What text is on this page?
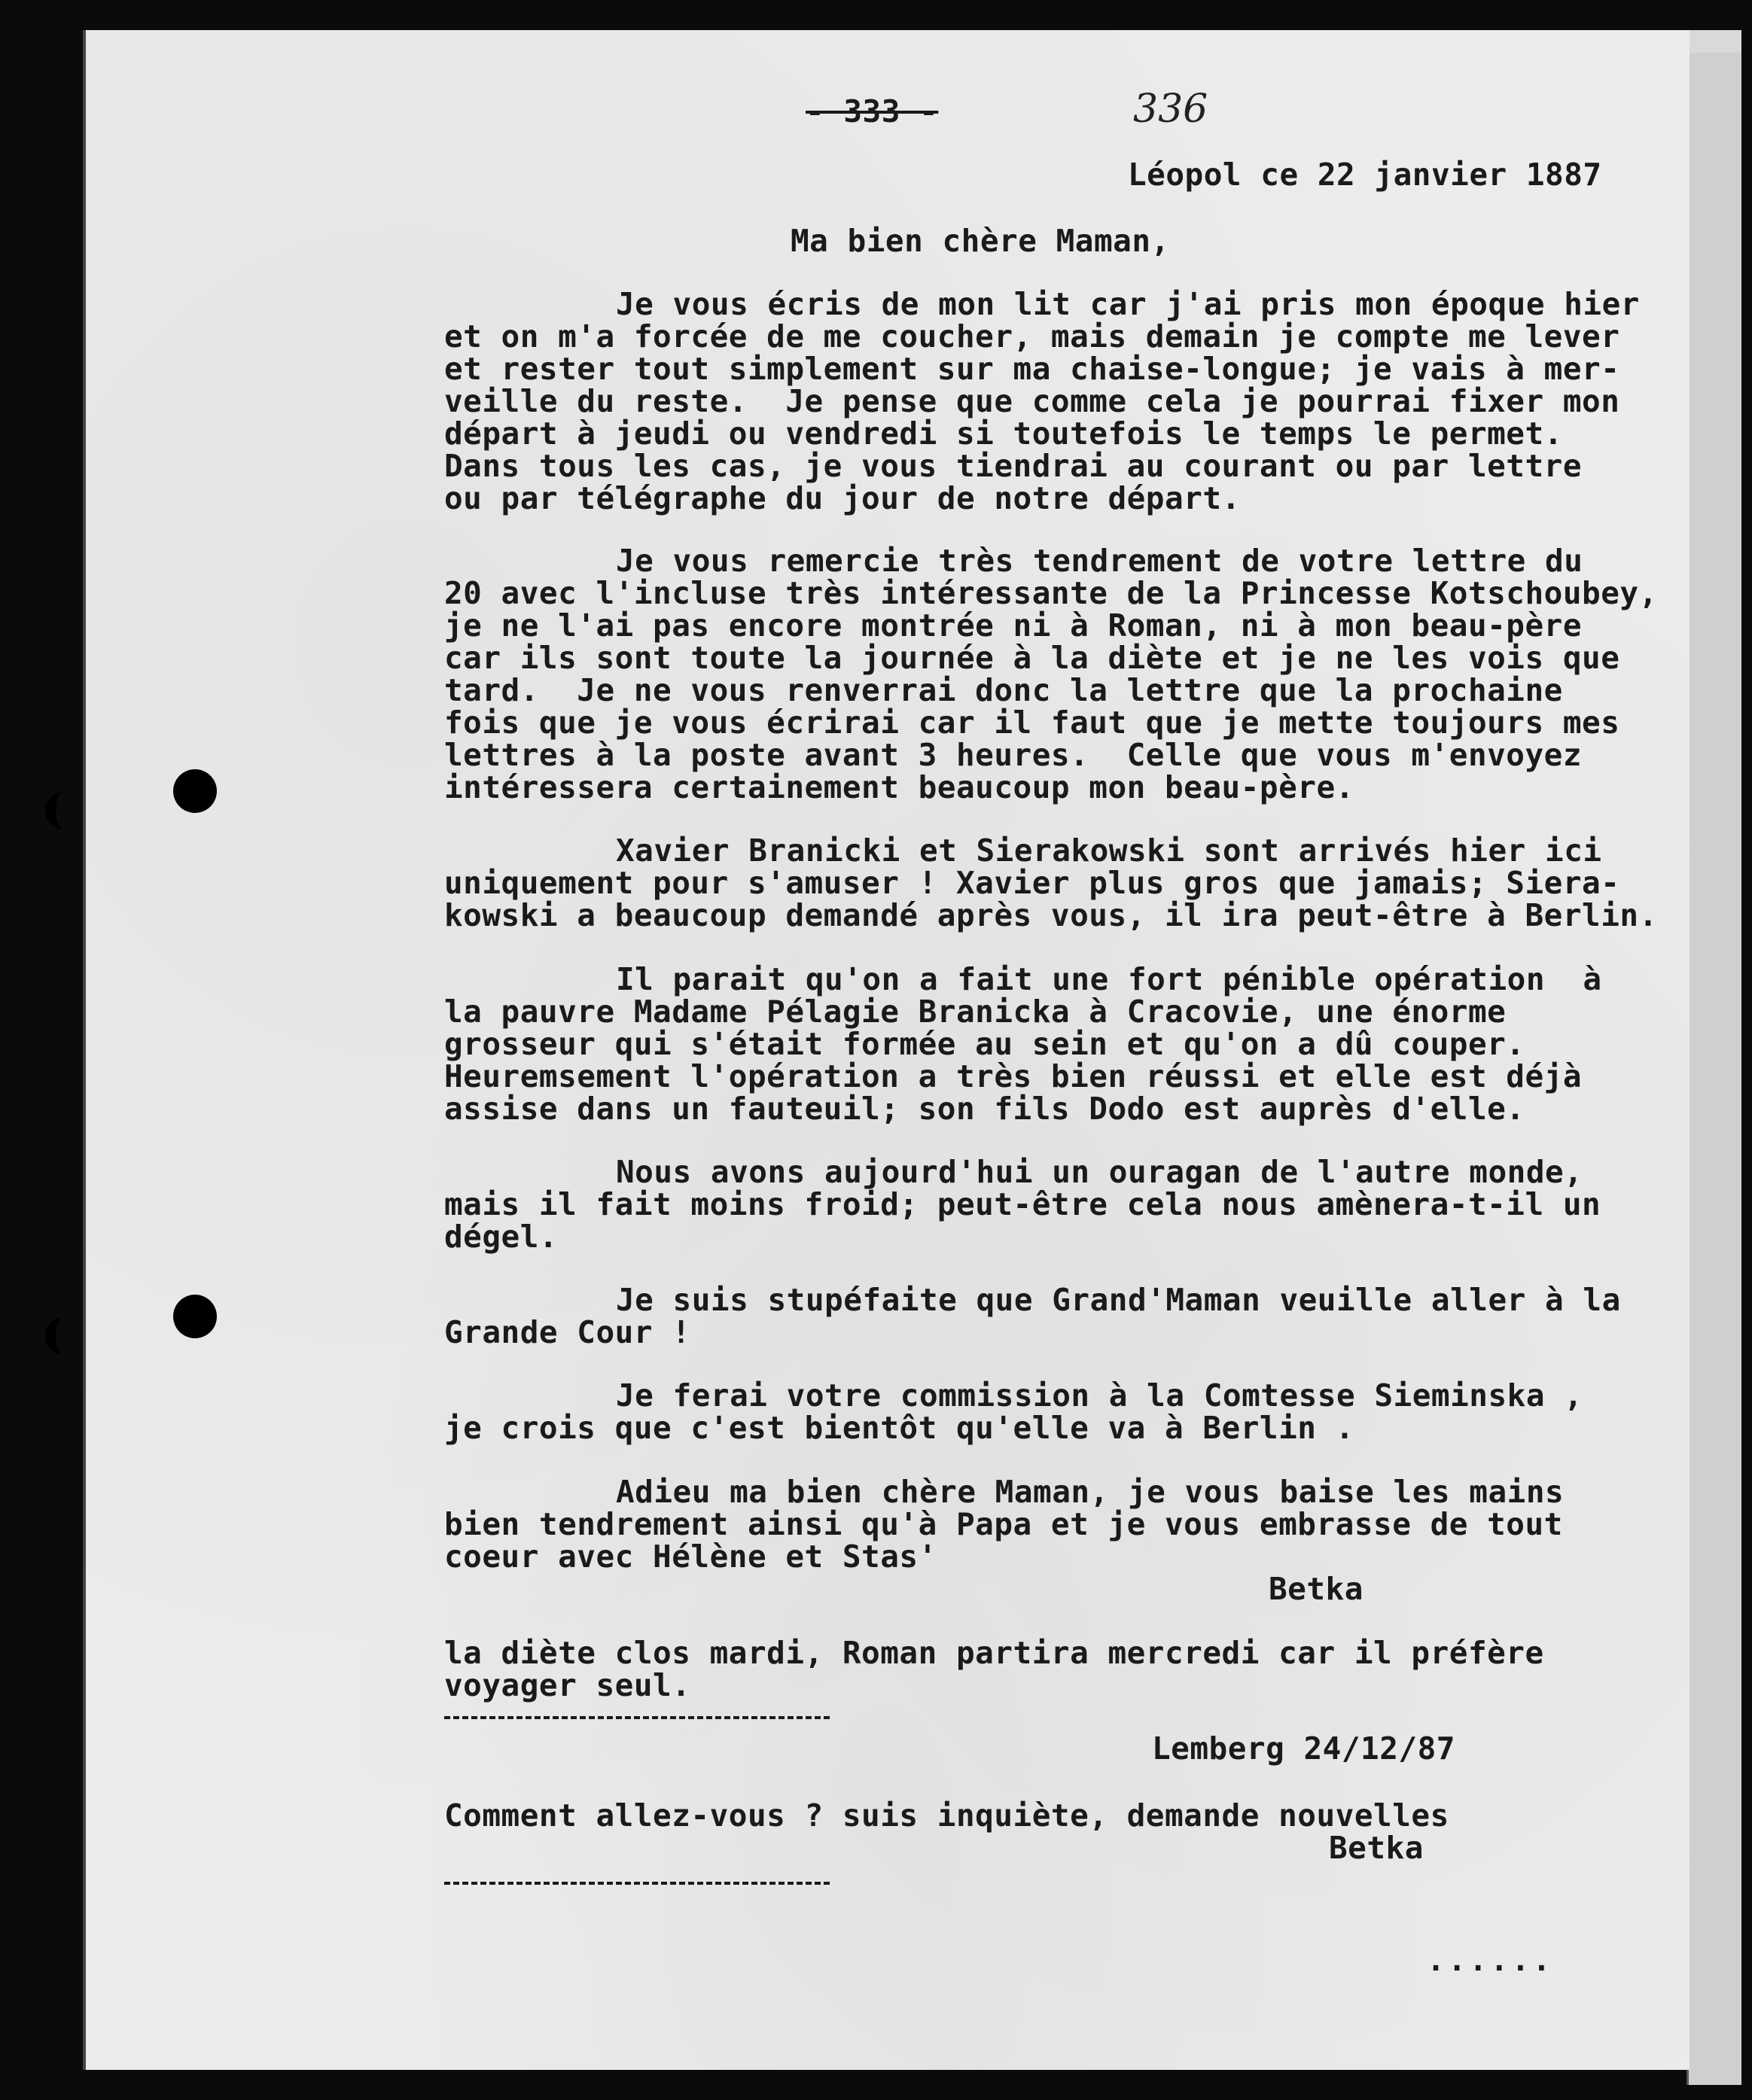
- 333 -	336
Léopol ce 22 janvier 1887
Ma bien chère Maman,
Je vous écris de mon lit car j'ai pris mon époque hier
et on m'a forcée de me coucher, mais demain je compte me lever
et rester tout simplement sur ma chaise-longue; je vais à mer-
veille du reste.  Je pense que comme cela je pourrai fixer mon
départ à jeudi ou vendredi si toutefois le temps le permet.
Dans tous les cas, je vous tiendrai au courant ou par lettre
ou par télégraphe du jour de notre départ.
Je vous remercie très tendrement de votre lettre du
20 avec l'incluse très intéressante de la Princesse Kotschoubey,
je ne l'ai pas encore montrée ni à Roman, ni à mon beau-père
car ils sont toute la journée à la diète et je ne les vois que
tard.  Je ne vous renverrai donc la lettre que la prochaine
fois que je vous écrirai car il faut que je mette toujours mes
lettres à la poste avant 3 heures.  Celle que vous m'envoyez
intéressera certainement beaucoup mon beau-père.
Xavier Branicki et Sierakowski sont arrivés hier ici
uniquement pour s'amuser ! Xavier plus gros que jamais; Siera-
kowski a beaucoup demandé après vous, il ira peut-être à Berlin.
Il parait qu'on a fait une fort pénible opération  à
la pauvre Madame Pélagie Branicka à Cracovie, une énorme
grosseur qui s'était formée au sein et qu'on a dû couper.
Heuremsement l'opération a très bien réussi et elle est déjà
assise dans un fauteuil; son fils Dodo est auprès d'elle.
Nous avons aujourd'hui un ouragan de l'autre monde,
mais il fait moins froid; peut-être cela nous amènera-t-il un
dégel.
Je suis stupéfaite que Grand'Maman veuille aller à la
Grande Cour !
Je ferai votre commission à la Comtesse Sieminska ,
je crois que c'est bientôt qu'elle va à Berlin .
Adieu ma bien chère Maman, je vous baise les mains
bien tendrement ainsi qu'à Papa et je vous embrasse de tout
coeur avec Hélène et Stas'
Betka
la diète clos mardi, Roman partira mercredi car il préfère
voyager seul.
Lemberg 24/12/87
Comment allez-vous ? suis inquiète, demande nouvelles
Betka
......
